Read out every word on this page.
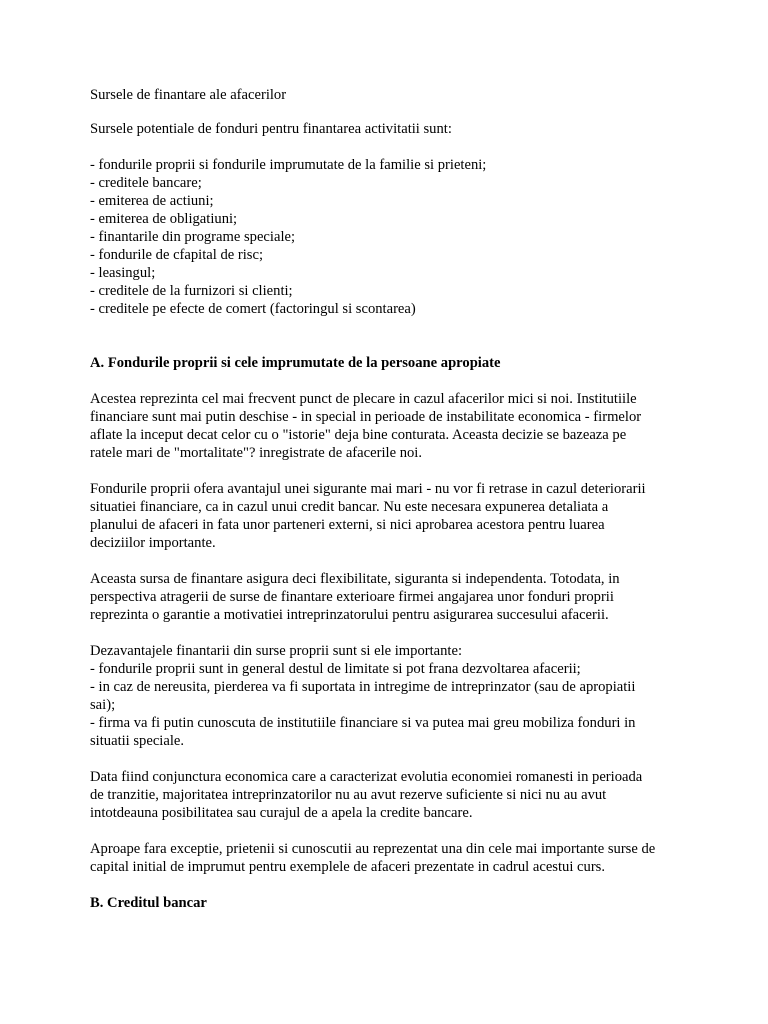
Sursele de finantare ale afacerilor

Sursele potentiale de fonduri pentru finantarea activitatii sunt:

- fondurile proprii si fondurile imprumutate de la familie si prieteni;
- creditele bancare;
- emiterea de actiuni;
- emiterea de obligatiuni;
- finantarile din programe speciale;
- fondurile de cfapital de risc;
- leasingul;
- creditele de la furnizori si clienti;
- creditele pe efecte de comert (factoringul si scontarea)

A. Fondurile proprii si cele imprumutate de la persoane apropiate

Acestea reprezinta cel mai frecvent punct de plecare in cazul afacerilor mici si noi. Institutiile
financiare sunt mai putin deschise - in special in perioade de instabilitate economica - firmelor
aflate la inceput decat celor cu o "istorie" deja bine conturata. Aceasta decizie se bazeaza pe
ratele mari de "mortalitate"? inregistrate de afacerile noi.

Fondurile proprii ofera avantajul unei sigurante mai mari - nu vor fi retrase in cazul deteriorarii
situatiei financiare, ca in cazul unui credit bancar. Nu este necesara expunerea detaliata a
planului de afaceri in fata unor parteneri externi, si nici aprobarea acestora pentru luarea
deciziilor importante.

Aceasta sursa de finantare asigura deci flexibilitate, siguranta si independenta. Totodata, in
perspectiva atragerii de surse de finantare exterioare firmei angajarea unor fonduri proprii
reprezinta o garantie a motivatiei intreprinzatorului pentru asigurarea succesului afacerii.

Dezavantajele finantarii din surse proprii sunt si ele importante:
- fondurile proprii sunt in general destul de limitate si pot frana dezvoltarea afacerii;
- in caz de nereusita, pierderea va fi suportata in intregime de intreprinzator (sau de apropiatii
sai);
- firma va fi putin cunoscuta de institutiile financiare si va putea mai greu mobiliza fonduri in
situatii speciale.

Data fiind conjunctura economica care a caracterizat evolutia economiei romanesti in perioada
de tranzitie, majoritatea intreprinzatorilor nu au avut rezerve suficiente si nici nu au avut
intotdeauna posibilitatea sau curajul de a apela la credite bancare.

Aproape fara exceptie, prietenii si cunoscutii au reprezentat una din cele mai importante surse de
capital initial de imprumut pentru exemplele de afaceri prezentate in cadrul acestui curs.

B. Creditul bancar
